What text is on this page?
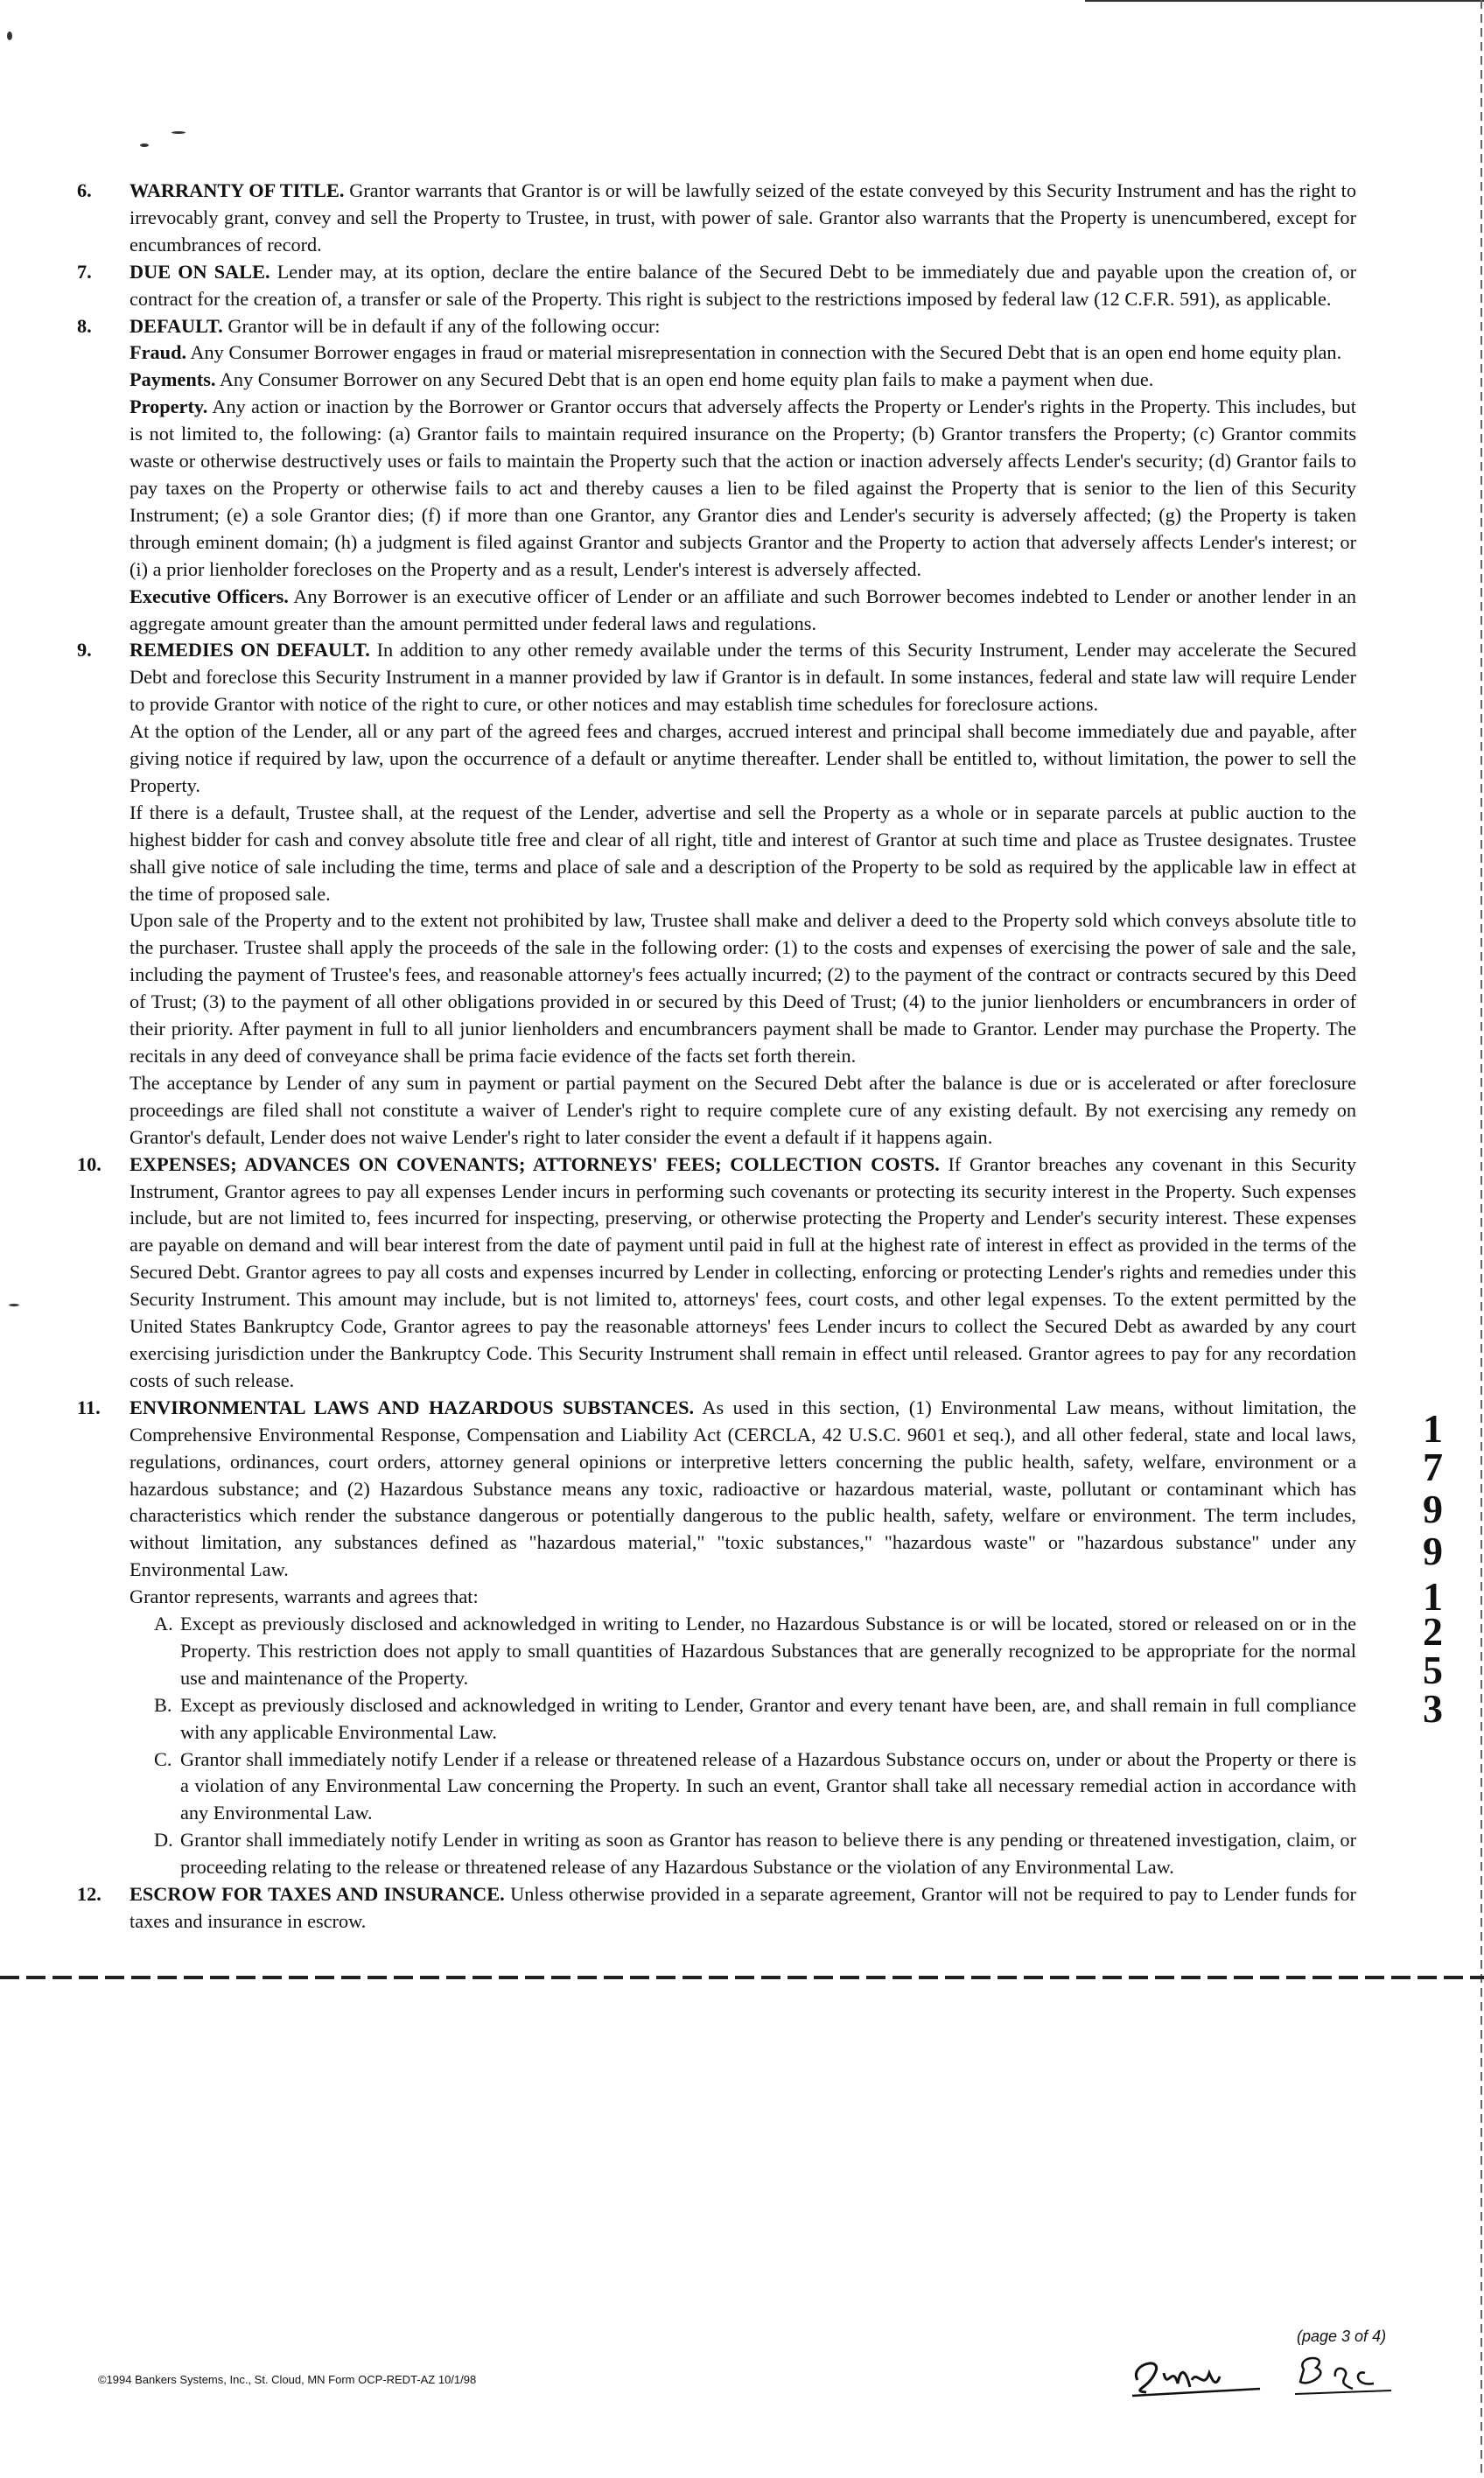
6. WARRANTY OF TITLE. Grantor warrants that Grantor is or will be lawfully seized of the estate conveyed by this Security Instrument and has the right to irrevocably grant, convey and sell the Property to Trustee, in trust, with power of sale. Grantor also warrants that the Property is unencumbered, except for encumbrances of record.

7. DUE ON SALE. Lender may, at its option, declare the entire balance of the Secured Debt to be immediately due and payable upon the creation of, or contract for the creation of, a transfer or sale of the Property. This right is subject to the restrictions imposed by federal law (12 C.F.R. 591), as applicable.

8. DEFAULT. Grantor will be in default if any of the following occur:

Fraud. Any Consumer Borrower engages in fraud or material misrepresentation in connection with the Secured Debt that is an open end home equity plan.

Payments. Any Consumer Borrower on any Secured Debt that is an open end home equity plan fails to make a payment when due.

Property. Any action or inaction by the Borrower or Grantor occurs that adversely affects the Property or Lender's rights in the Property. This includes, but is not limited to, the following: (a) Grantor fails to maintain required insurance on the Property; (b) Grantor transfers the Property; (c) Grantor commits waste or otherwise destructively uses or fails to maintain the Property such that the action or inaction adversely affects Lender's security; (d) Grantor fails to pay taxes on the Property or otherwise fails to act and thereby causes a lien to be filed against the Property that is senior to the lien of this Security Instrument; (e) a sole Grantor dies; (f) if more than one Grantor, any Grantor dies and Lender's security is adversely affected; (g) the Property is taken through eminent domain; (h) a judgment is filed against Grantor and subjects Grantor and the Property to action that adversely affects Lender's interest; or (i) a prior lienholder forecloses on the Property and as a result, Lender's interest is adversely affected.

Executive Officers. Any Borrower is an executive officer of Lender or an affiliate and such Borrower becomes indebted to Lender or another lender in an aggregate amount greater than the amount permitted under federal laws and regulations.

9. REMEDIES ON DEFAULT. In addition to any other remedy available under the terms of this Security Instrument, Lender may accelerate the Secured Debt and foreclose this Security Instrument in a manner provided by law if Grantor is in default. In some instances, federal and state law will require Lender to provide Grantor with notice of the right to cure, or other notices and may establish time schedules for foreclosure actions.

At the option of the Lender, all or any part of the agreed fees and charges, accrued interest and principal shall become immediately due and payable, after giving notice if required by law, upon the occurrence of a default or anytime thereafter. Lender shall be entitled to, without limitation, the power to sell the Property.

If there is a default, Trustee shall, at the request of the Lender, advertise and sell the Property as a whole or in separate parcels at public auction to the highest bidder for cash and convey absolute title free and clear of all right, title and interest of Grantor at such time and place as Trustee designates. Trustee shall give notice of sale including the time, terms and place of sale and a description of the Property to be sold as required by the applicable law in effect at the time of proposed sale.

Upon sale of the Property and to the extent not prohibited by law, Trustee shall make and deliver a deed to the Property sold which conveys absolute title to the purchaser. Trustee shall apply the proceeds of the sale in the following order: (1) to the costs and expenses of exercising the power of sale and the sale, including the payment of Trustee's fees, and reasonable attorney's fees actually incurred; (2) to the payment of the contract or contracts secured by this Deed of Trust; (3) to the payment of all other obligations provided in or secured by this Deed of Trust; (4) to the junior lienholders or encumbrancers in order of their priority. After payment in full to all junior lienholders and encumbrancers payment shall be made to Grantor. Lender may purchase the Property. The recitals in any deed of conveyance shall be prima facie evidence of the facts set forth therein.

The acceptance by Lender of any sum in payment or partial payment on the Secured Debt after the balance is due or is accelerated or after foreclosure proceedings are filed shall not constitute a waiver of Lender's right to require complete cure of any existing default. By not exercising any remedy on Grantor's default, Lender does not waive Lender's right to later consider the event a default if it happens again.

10. EXPENSES; ADVANCES ON COVENANTS; ATTORNEYS' FEES; COLLECTION COSTS. If Grantor breaches any covenant in this Security Instrument, Grantor agrees to pay all expenses Lender incurs in performing such covenants or protecting its security interest in the Property. Such expenses include, but are not limited to, fees incurred for inspecting, preserving, or otherwise protecting the Property and Lender's security interest. These expenses are payable on demand and will bear interest from the date of payment until paid in full at the highest rate of interest in effect as provided in the terms of the Secured Debt. Grantor agrees to pay all costs and expenses incurred by Lender in collecting, enforcing or protecting Lender's rights and remedies under this Security Instrument. This amount may include, but is not limited to, attorneys' fees, court costs, and other legal expenses. To the extent permitted by the United States Bankruptcy Code, Grantor agrees to pay the reasonable attorneys' fees Lender incurs to collect the Secured Debt as awarded by any court exercising jurisdiction under the Bankruptcy Code. This Security Instrument shall remain in effect until released. Grantor agrees to pay for any recordation costs of such release.

11. ENVIRONMENTAL LAWS AND HAZARDOUS SUBSTANCES. As used in this section, (1) Environmental Law means, without limitation, the Comprehensive Environmental Response, Compensation and Liability Act (CERCLA, 42 U.S.C. 9601 et seq.), and all other federal, state and local laws, regulations, ordinances, court orders, attorney general opinions or interpretive letters concerning the public health, safety, welfare, environment or a hazardous substance; and (2) Hazardous Substance means any toxic, radioactive or hazardous material, waste, pollutant or contaminant which has characteristics which render the substance dangerous or potentially dangerous to the public health, safety, welfare or environment. The term includes, without limitation, any substances defined as "hazardous material," "toxic substances," "hazardous waste" or "hazardous substance" under any Environmental Law.

Grantor represents, warrants and agrees that:

A. Except as previously disclosed and acknowledged in writing to Lender, no Hazardous Substance is or will be located, stored or released on or in the Property. This restriction does not apply to small quantities of Hazardous Substances that are generally recognized to be appropriate for the normal use and maintenance of the Property.

B. Except as previously disclosed and acknowledged in writing to Lender, Grantor and every tenant have been, are, and shall remain in full compliance with any applicable Environmental Law.

C. Grantor shall immediately notify Lender if a release or threatened release of a Hazardous Substance occurs on, under or about the Property or there is a violation of any Environmental Law concerning the Property. In such an event, Grantor shall take all necessary remedial action in accordance with any Environmental Law.

D. Grantor shall immediately notify Lender in writing as soon as Grantor has reason to believe there is any pending or threatened investigation, claim, or proceeding relating to the release or threatened release of any Hazardous Substance or the violation of any Environmental Law.

12. ESCROW FOR TAXES AND INSURANCE. Unless otherwise provided in a separate agreement, Grantor will not be required to pay to Lender funds for taxes and insurance in escrow.

1
7
9
9
1
2
5
3
(page 3 of 4)
©1994 Bankers Systems, Inc., St. Cloud, MN Form OCP-REDT-AZ 10/1/98
